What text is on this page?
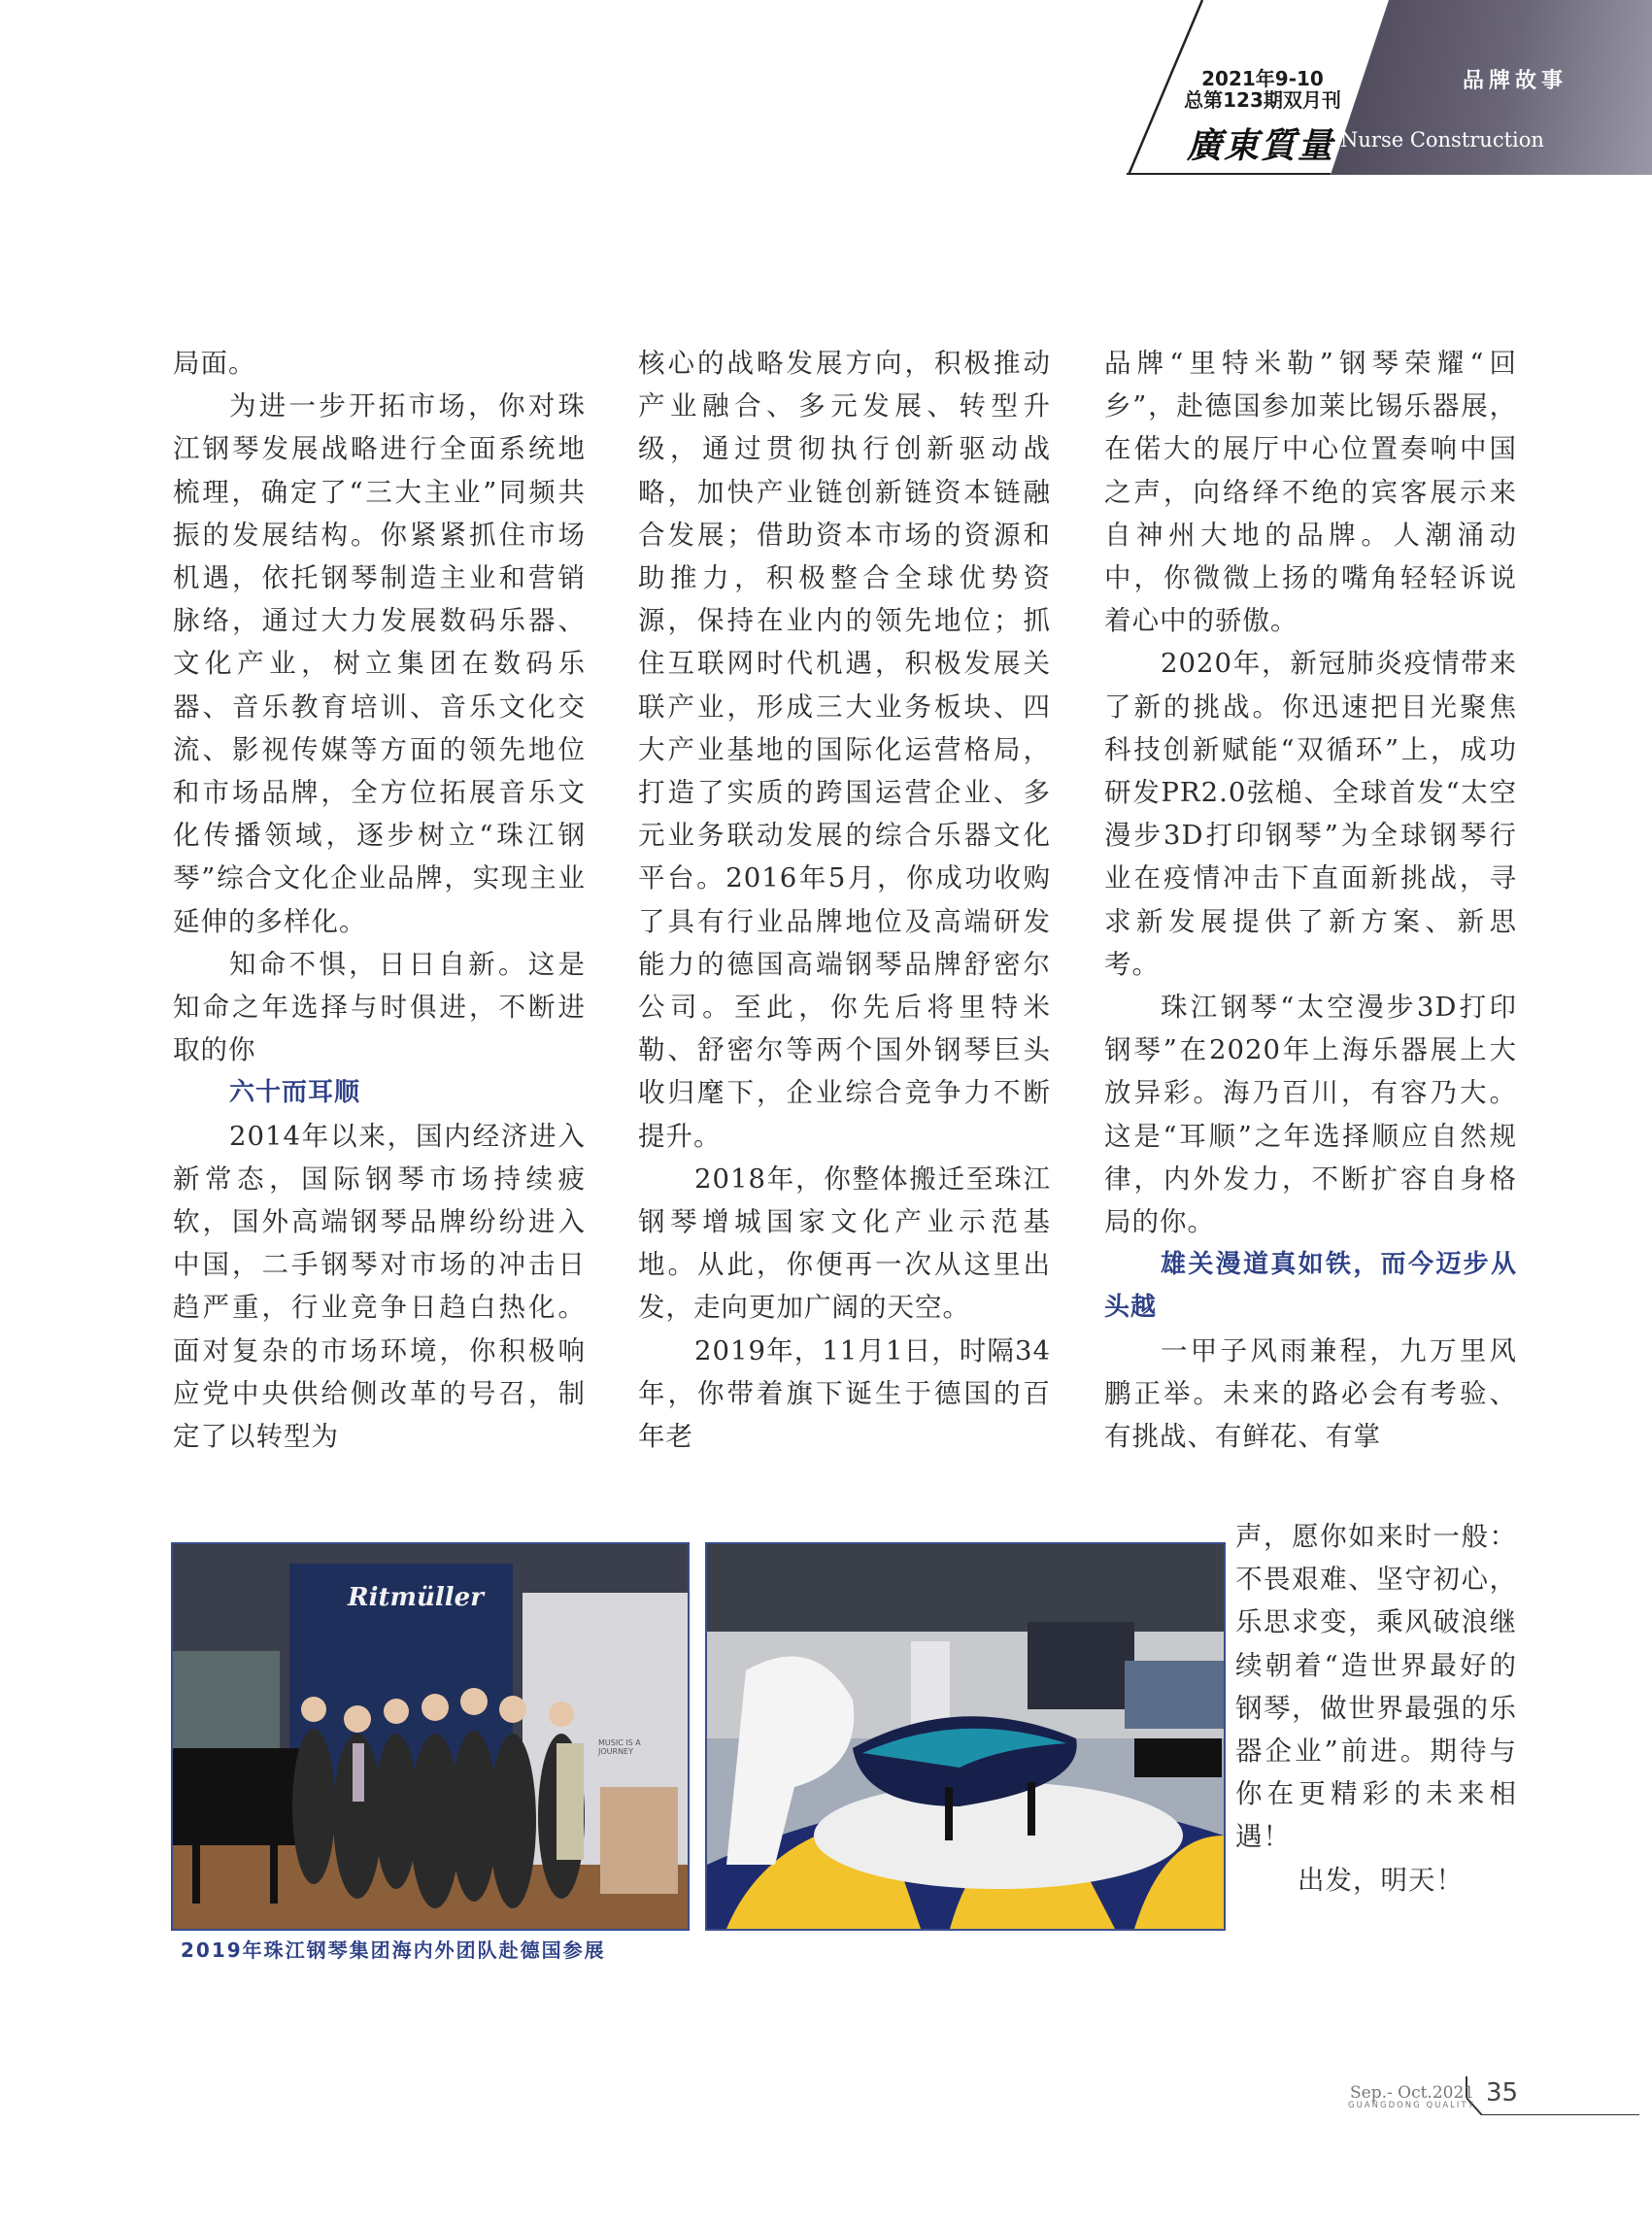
2021年9-10
总第123期双月刊
廣東質量
品牌故事
Nurse Construction

局面。

为进一步开拓市场，你对珠江钢琴发展战略进行全面系统地梳理，确定了“三大主业”同频共振的发展结构。你紧紧抓住市场机遇，依托钢琴制造主业和营销脉络，通过大力发展数码乐器、文化产业，树立集团在数码乐器、音乐教育培训、音乐文化交流、影视传媒等方面的领先地位和市场品牌，全方位拓展音乐文化传播领域，逐步树立“珠江钢琴”综合文化企业品牌，实现主业延伸的多样化。

知命不惧，日日自新。这是知命之年选择与时俱进，不断进取的你

六十而耳顺

2014年以来，国内经济进入新常态，国际钢琴市场持续疲软，国外高端钢琴品牌纷纷进入中国，二手钢琴对市场的冲击日趋严重，行业竞争日趋白热化。面对复杂的市场环境，你积极响应党中央供给侧改革的号召，制定了以转型为

核心的战略发展方向，积极推动产业融合、多元发展、转型升级，通过贯彻执行创新驱动战略，加快产业链创新链资本链融合发展；借助资本市场的资源和助推力，积极整合全球优势资源，保持在业内的领先地位；抓住互联网时代机遇，积极发展关联产业，形成三大业务板块、四大产业基地的国际化运营格局，打造了实质的跨国运营企业、多元业务联动发展的综合乐器文化平台。2016年5月，你成功收购了具有行业品牌地位及高端研发能力的德国高端钢琴品牌舒密尔公司。至此，你先后将里特米勒、舒密尔等两个国外钢琴巨头收归麾下，企业综合竞争力不断提升。

2018年，你整体搬迁至珠江钢琴增城国家文化产业示范基地。从此，你便再一次从这里出发，走向更加广阔的天空。

2019年，11月1日，时隔34年，你带着旗下诞生于德国的百年老

品牌“里特米勒”钢琴荣耀“回乡”，赴德国参加莱比锡乐器展，在偌大的展厅中心位置奏响中国之声，向络绎不绝的宾客展示来自神州大地的品牌。人潮涌动中，你微微上扬的嘴角轻轻诉说着心中的骄傲。

2020年，新冠肺炎疫情带来了新的挑战。你迅速把目光聚焦科技创新赋能“双循环”上，成功研发PR2.0弦槌、全球首发“太空漫步3D打印钢琴”为全球钢琴行业在疫情冲击下直面新挑战，寻求新发展提供了新方案、新思考。

珠江钢琴“太空漫步3D打印钢琴”在2020年上海乐器展上大放异彩。海乃百川，有容乃大。这是“耳顺”之年选择顺应自然规律，内外发力，不断扩容自身格局的你。

雄关漫道真如铁，而今迈步从头越

一甲子风雨兼程，九万里风鹏正举。未来的路必会有考验、有挑战、有鲜花、有掌

声，愿你如来时一般：不畏艰难、坚守初心，乐思求变，乘风破浪继续朝着“造世界最好的钢琴，做世界最强的乐器企业”前进。期待与你在更精彩的未来相遇！

出发，明天！

Ritmüller
MUSIC IS A JOURNEY
2019年珠江钢琴集团海内外团队赴德国参展
Sep.- Oct.2021
GUANGDONG QUALITY 35
